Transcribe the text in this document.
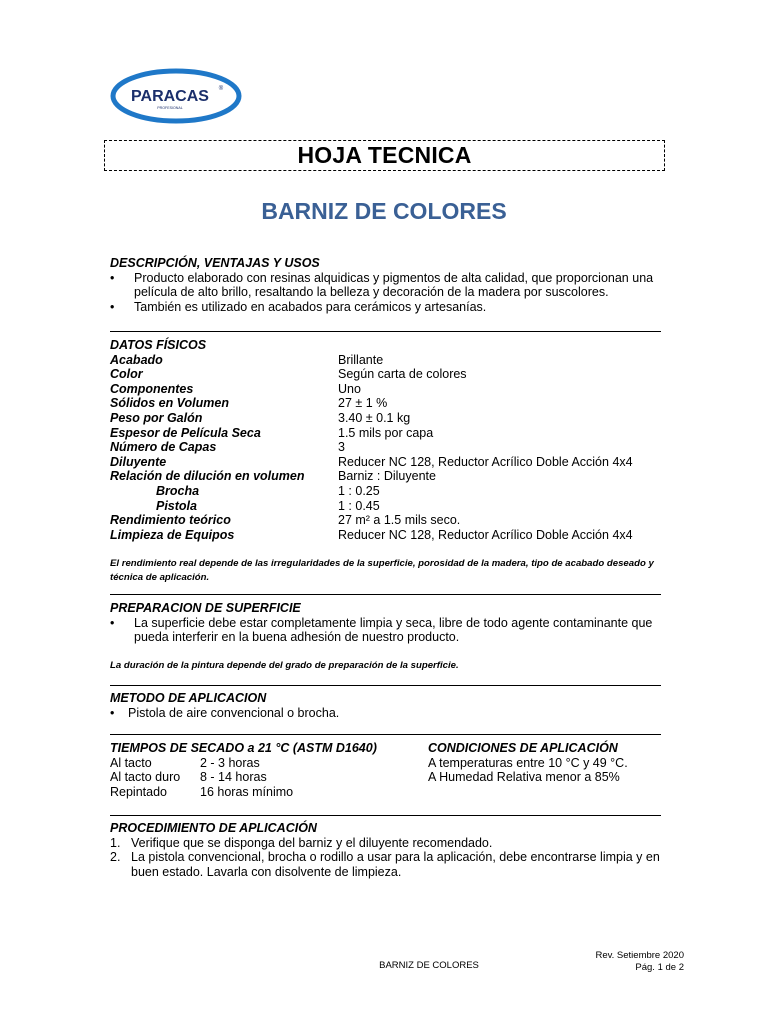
PARACAS ®
PROFESIONAL
HOJA TECNICA
BARNIZ DE COLORES
DESCRIPCIÓN, VENTAJAS Y USOS
• Producto elaborado con resinas alquidicas y pigmentos de alta calidad, que proporcionan una película de alto brillo, resaltando la belleza y decoración de la madera por suscolores.
• También es utilizado en acabados para cerámicos y artesanías.
DATOS FÍSICOS
Acabado	Brillante
Color	Según carta de colores
Componentes	Uno
Sólidos en Volumen	27 ± 1 %
Peso por Galón	3.40 ± 0.1 kg
Espesor de Película Seca	1.5 mils por capa
Número de Capas	3
Diluyente	Reducer NC 128, Reductor Acrílico Doble Acción 4x4
Relación de dilución en volumen	Barniz : Diluyente
Brocha	1 : 0.25
Pistola	1 : 0.45
Rendimiento teórico	27 m² a 1.5 mils seco.
Limpieza de Equipos	Reducer NC 128, Reductor Acrílico Doble Acción 4x4
El rendimiento real depende de las irregularidades de la superficie, porosidad de la madera, tipo de acabado deseado y técnica de aplicación.
PREPARACION DE SUPERFICIE
• La superficie debe estar completamente limpia y seca, libre de todo agente contaminante que pueda interferir en la buena adhesión de nuestro producto.
La duración de la pintura depende del grado de preparación de la superficie.
METODO DE APLICACION
• Pistola de aire convencional o brocha.
TIEMPOS DE SECADO a 21 °C (ASTM D1640)
Al tacto	2 - 3 horas
Al tacto duro	8 - 14 horas
Repintado	16 horas mínimo
CONDICIONES DE APLICACIÓN
A temperaturas entre 10 °C y 49 °C.
A Humedad Relativa menor a 85%
PROCEDIMIENTO DE APLICACIÓN
1. Verifique que se disponga del barniz y el diluyente recomendado.
2. La pistola convencional, brocha o rodillo a usar para la aplicación, debe encontrarse limpia y en buen estado. Lavarla con disolvente de limpieza.
Rev. Setiembre 2020
Pág. 1 de 2
BARNIZ DE COLORES
